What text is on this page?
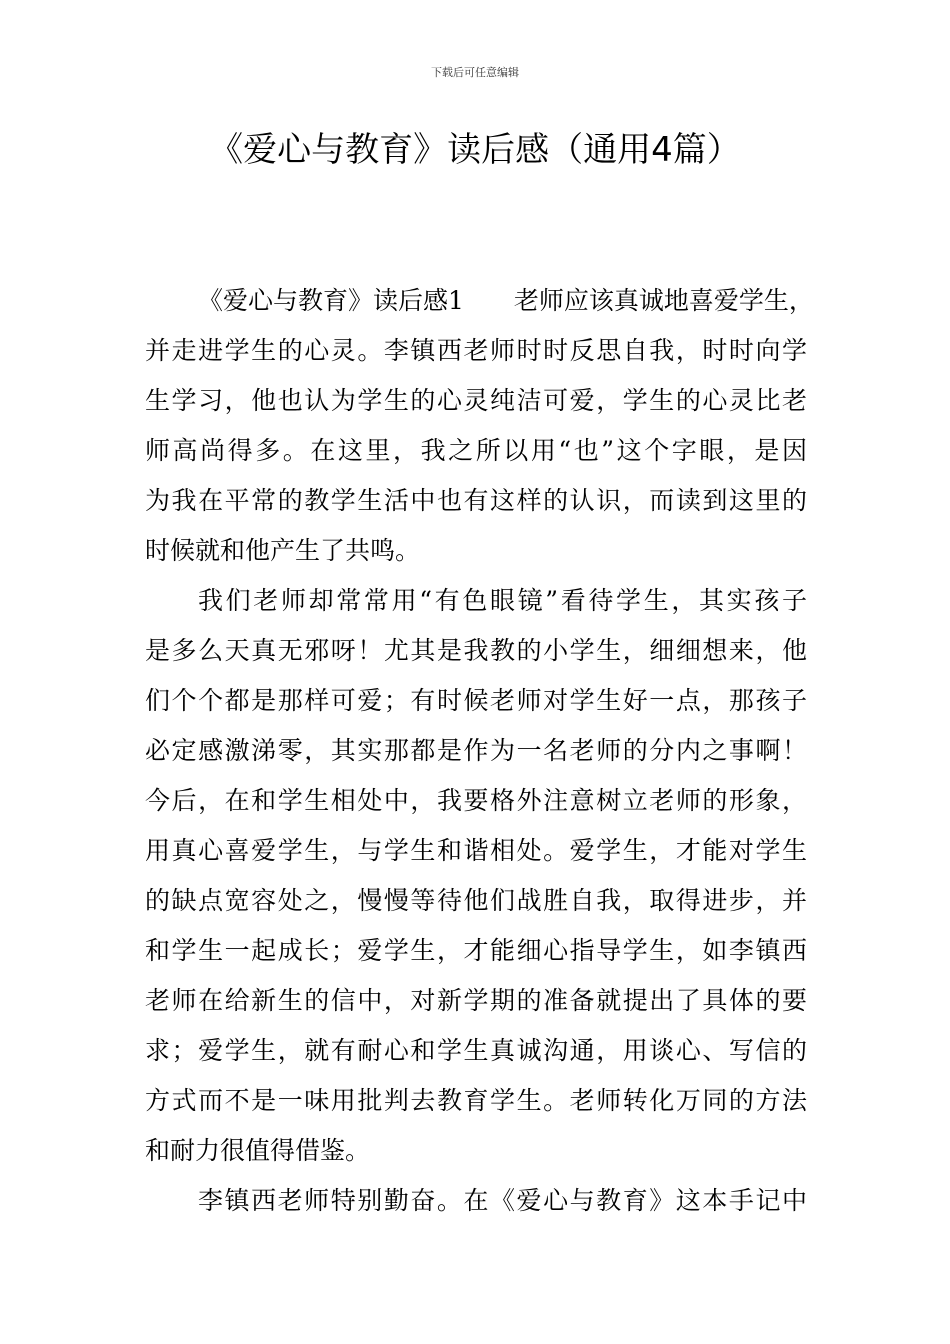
下载后可任意编辑
《爱心与教育》读后感（通用4篇）
《爱心与教育》读后感1　　老师应该真诚地喜爱学生，
并走进学生的心灵。李镇西老师时时反思自我，时时向学
生学习，他也认为学生的心灵纯洁可爱，学生的心灵比老
师高尚得多。在这里，我之所以用“也”这个字眼，是因
为我在平常的教学生活中也有这样的认识，而读到这里的
时候就和他产生了共鸣。
我们老师却常常用“有色眼镜”看待学生，其实孩子
是多么天真无邪呀！尤其是我教的小学生，细细想来，他
们个个都是那样可爱；有时候老师对学生好一点，那孩子
必定感激涕零，其实那都是作为一名老师的分内之事啊！
今后，在和学生相处中，我要格外注意树立老师的形象，
用真心喜爱学生，与学生和谐相处。爱学生，才能对学生
的缺点宽容处之，慢慢等待他们战胜自我，取得进步，并
和学生一起成长；爱学生，才能细心指导学生，如李镇西
老师在给新生的信中，对新学期的准备就提出了具体的要
求；爱学生，就有耐心和学生真诚沟通，用谈心、写信的
方式而不是一味用批判去教育学生。老师转化万同的方法
和耐力很值得借鉴。
李镇西老师特别勤奋。在《爱心与教育》这本手记中
